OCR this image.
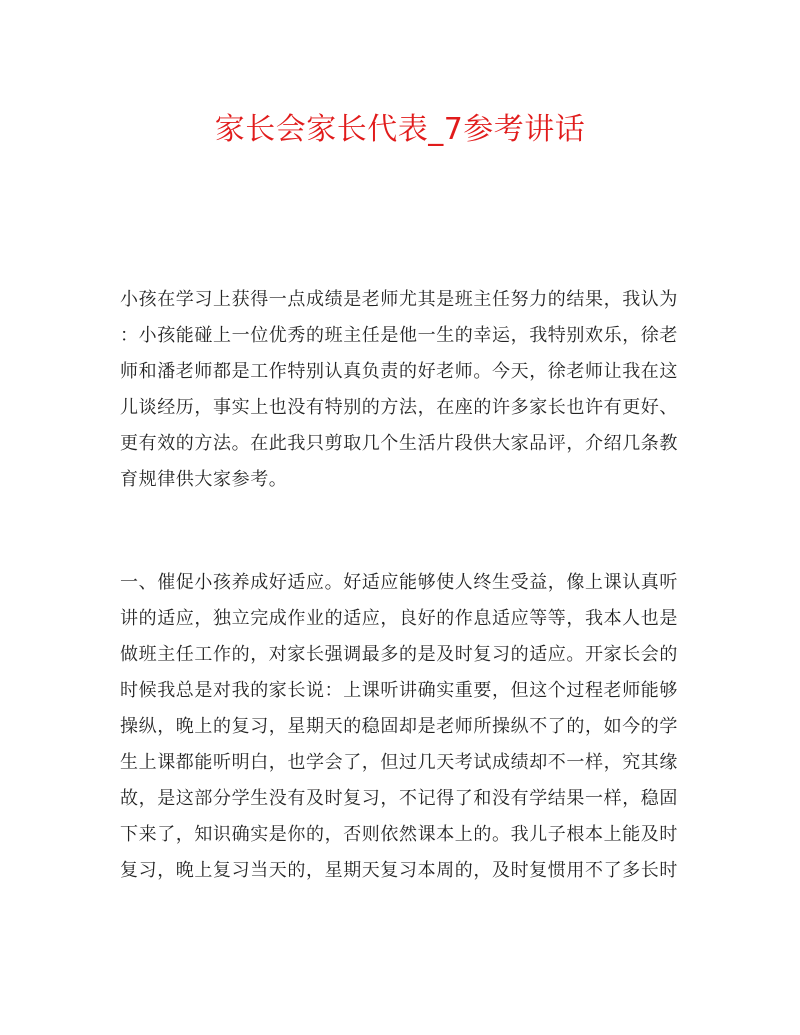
家长会家长代表_7参考讲话
小孩在学习上获得一点成绩是老师尤其是班主任努力的结果，我认为
：小孩能碰上一位优秀的班主任是他一生的幸运，我特别欢乐，徐老
师和潘老师都是工作特别认真负责的好老师。今天，徐老师让我在这
儿谈经历，事实上也没有特别的方法，在座的许多家长也许有更好、
更有效的方法。在此我只剪取几个生活片段供大家品评，介绍几条教
育规律供大家参考。
一、催促小孩养成好适应。好适应能够使人终生受益，像上课认真听
讲的适应，独立完成作业的适应，良好的作息适应等等，我本人也是
做班主任工作的，对家长强调最多的是及时复习的适应。开家长会的
时候我总是对我的家长说：上课听讲确实重要，但这个过程老师能够
操纵，晚上的复习，星期天的稳固却是老师所操纵不了的，如今的学
生上课都能听明白，也学会了，但过几天考试成绩却不一样，究其缘
故，是这部分学生没有及时复习，不记得了和没有学结果一样，稳固
下来了，知识确实是你的，否则依然课本上的。我儿子根本上能及时
复习，晚上复习当天的，星期天复习本周的，及时复惯用不了多长时
